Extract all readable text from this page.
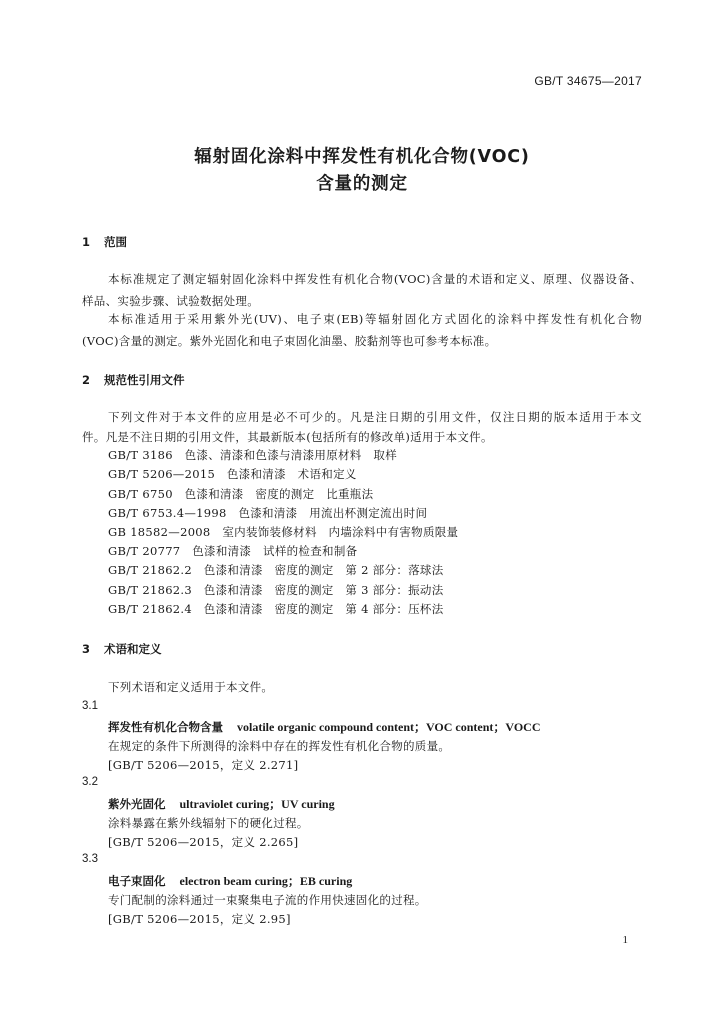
GB/T 34675—2017
辐射固化涂料中挥发性有机化合物(VOC)
含量的测定
1 范围
本标准规定了测定辐射固化涂料中挥发性有机化合物(VOC)含量的术语和定义、原理、仪器设备、
样品、实验步骤、试验数据处理。
本标准适用于采用紫外光(UV)、电子束(EB)等辐射固化方式固化的涂料中挥发性有机化合物
(VOC)含量的测定。紫外光固化和电子束固化油墨、胶黏剂等也可参考本标准。
2 规范性引用文件
下列文件对于本文件的应用是必不可少的。凡是注日期的引用文件，仅注日期的版本适用于本文
件。凡是不注日期的引用文件，其最新版本(包括所有的修改单)适用于本文件。
GB/T 3186　色漆、清漆和色漆与清漆用原材料　取样
GB/T 5206—2015　色漆和清漆　术语和定义
GB/T 6750　色漆和清漆　密度的测定　比重瓶法
GB/T 6753.4—1998　色漆和清漆　用流出杯测定流出时间
GB 18582—2008　室内装饰装修材料　内墙涂料中有害物质限量
GB/T 20777　色漆和清漆　试样的检查和制备
GB/T 21862.2　色漆和清漆　密度的测定　第 2 部分：落球法
GB/T 21862.3　色漆和清漆　密度的测定　第 3 部分：振动法
GB/T 21862.4　色漆和清漆　密度的测定　第 4 部分：压杯法
3 术语和定义
下列术语和定义适用于本文件。
3.1
挥发性有机化合物含量 volatile organic compound content；VOC content；VOCC
在规定的条件下所测得的涂料中存在的挥发性有机化合物的质量。
[GB/T 5206—2015，定义 2.271]
3.2
紫外光固化 ultraviolet curing；UV curing
涂料暴露在紫外线辐射下的硬化过程。
[GB/T 5206—2015，定义 2.265]
3.3
电子束固化 electron beam curing；EB curing
专门配制的涂料通过一束聚集电子流的作用快速固化的过程。
[GB/T 5206—2015，定义 2.95]
1
